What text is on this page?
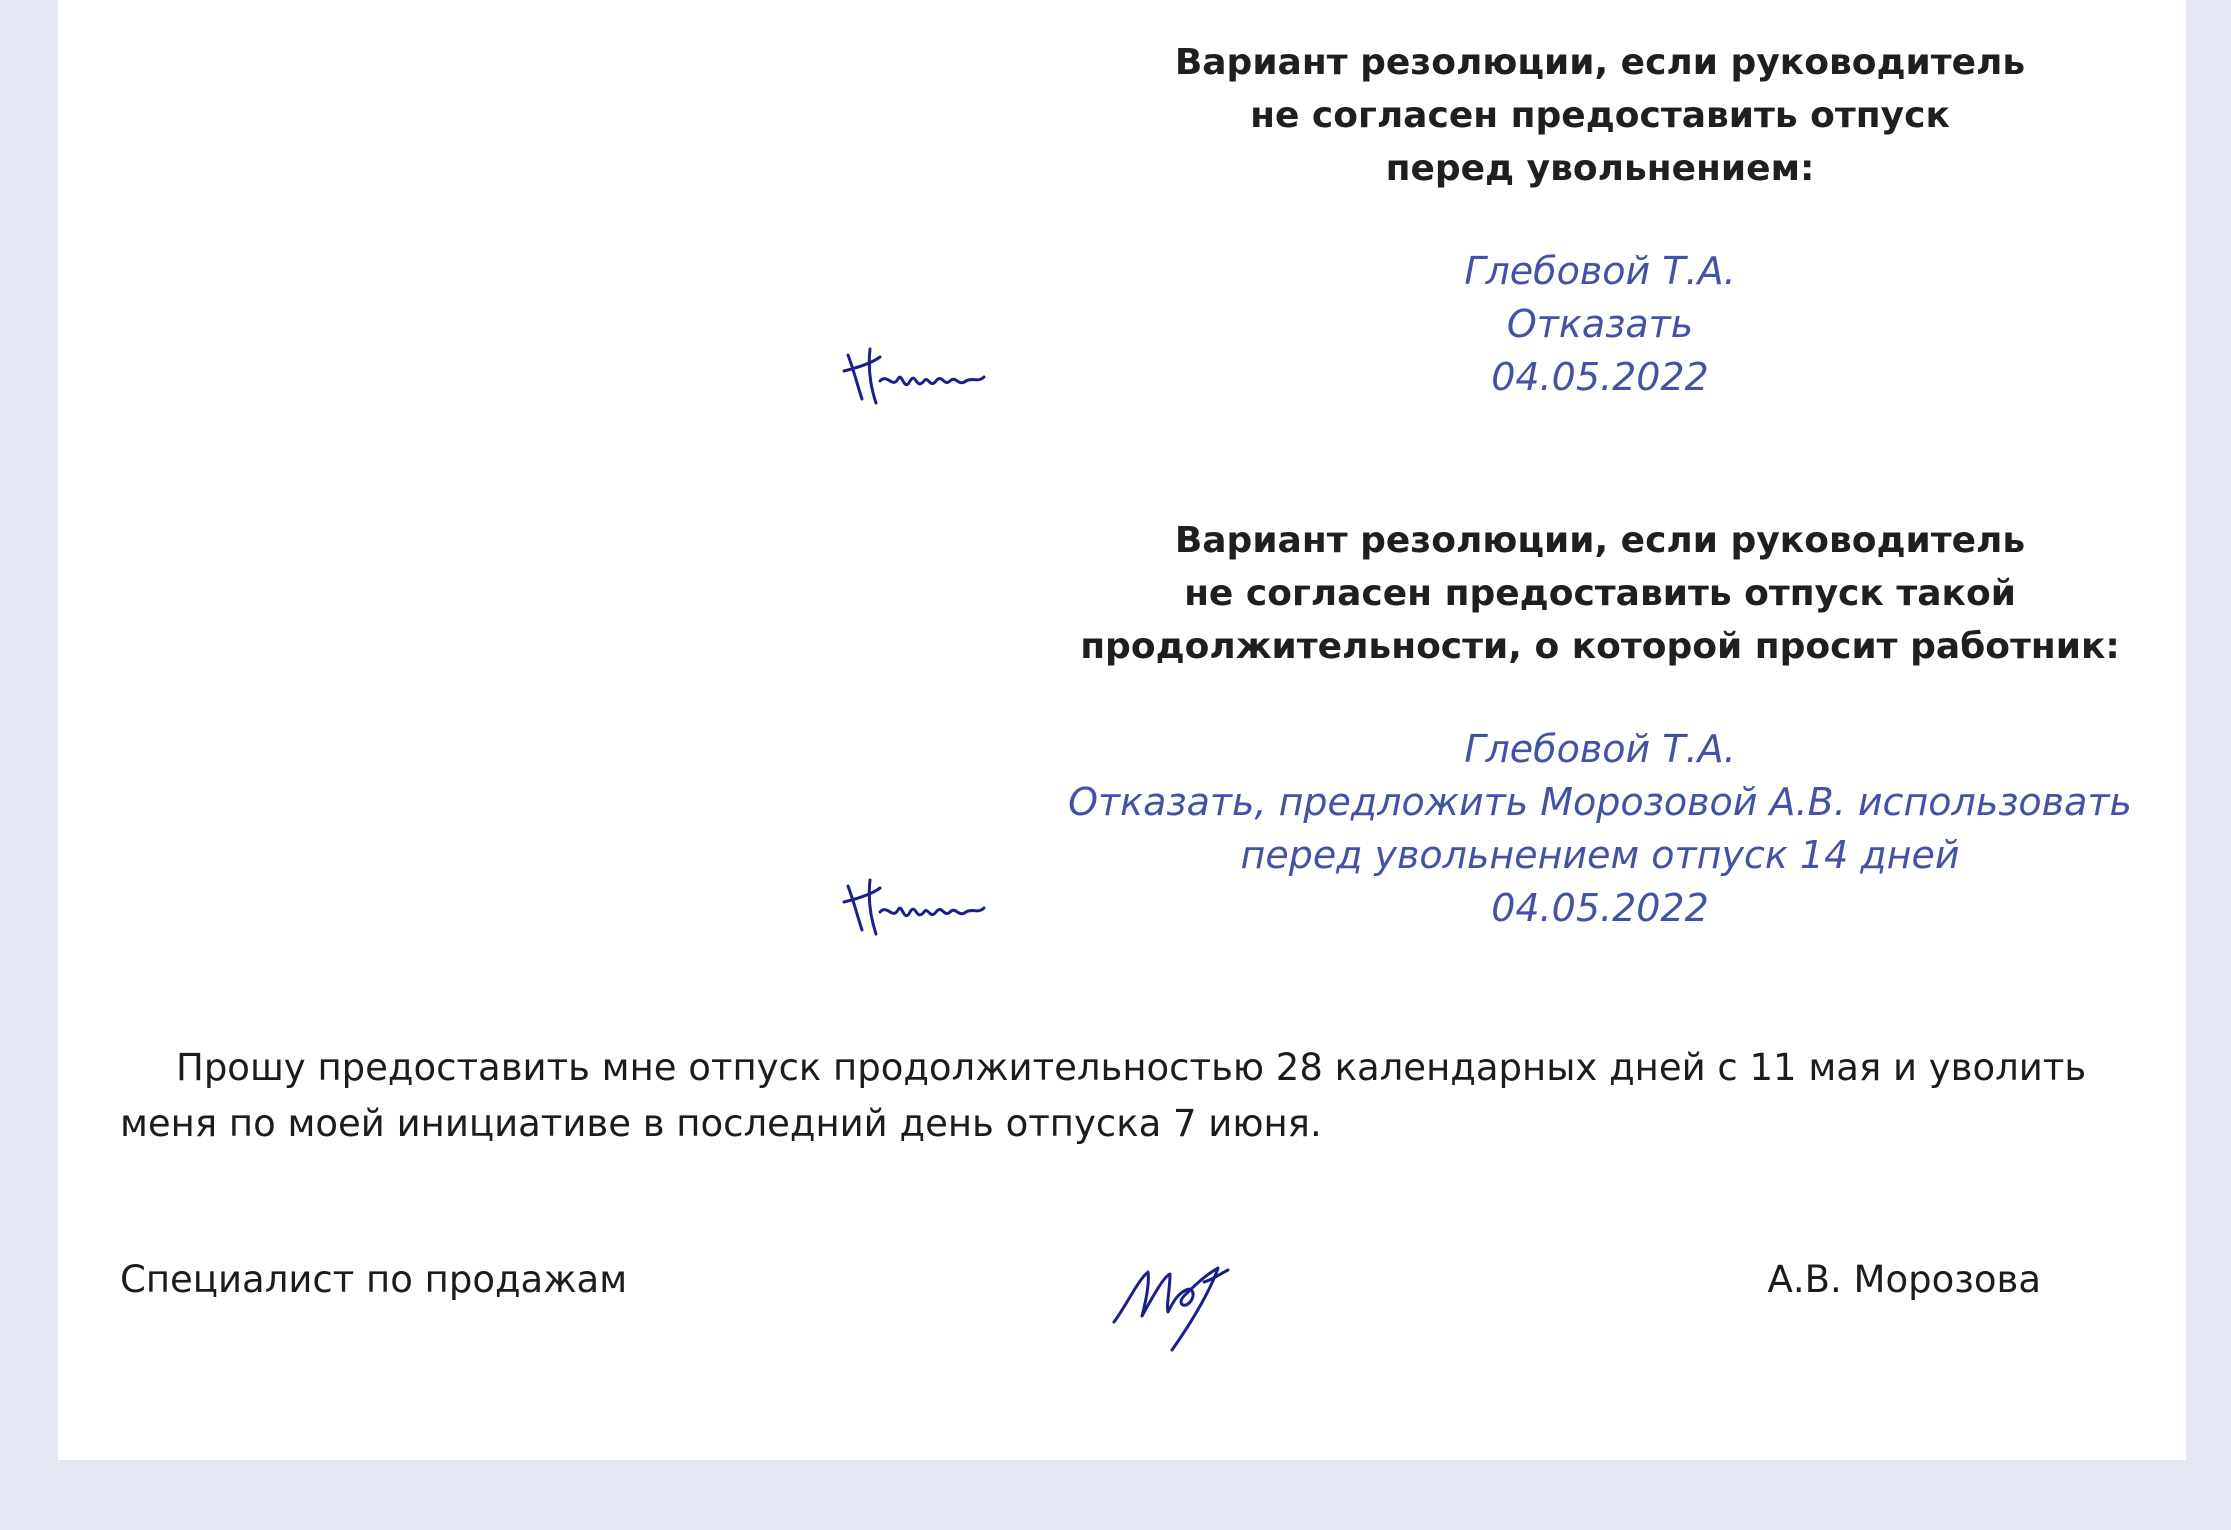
Вариант резолюции, если руководитель
не согласен предоставить отпуск
перед увольнением:
Глебовой Т.А.
Отказать
04.05.2022
Вариант резолюции, если руководитель
не согласен предоставить отпуск такой
продолжительности, о которой просит работник:
Глебовой Т.А.
Отказать, предложить Морозовой А.В. использовать
перед увольнением отпуск 14 дней
04.05.2022

Прошу предоставить мне отпуск продолжительностью 28 календарных дней с 11 мая и уволить меня по моей инициативе в последний день отпуска 7 июня.

Специалист по продажам	А.В. Морозова
